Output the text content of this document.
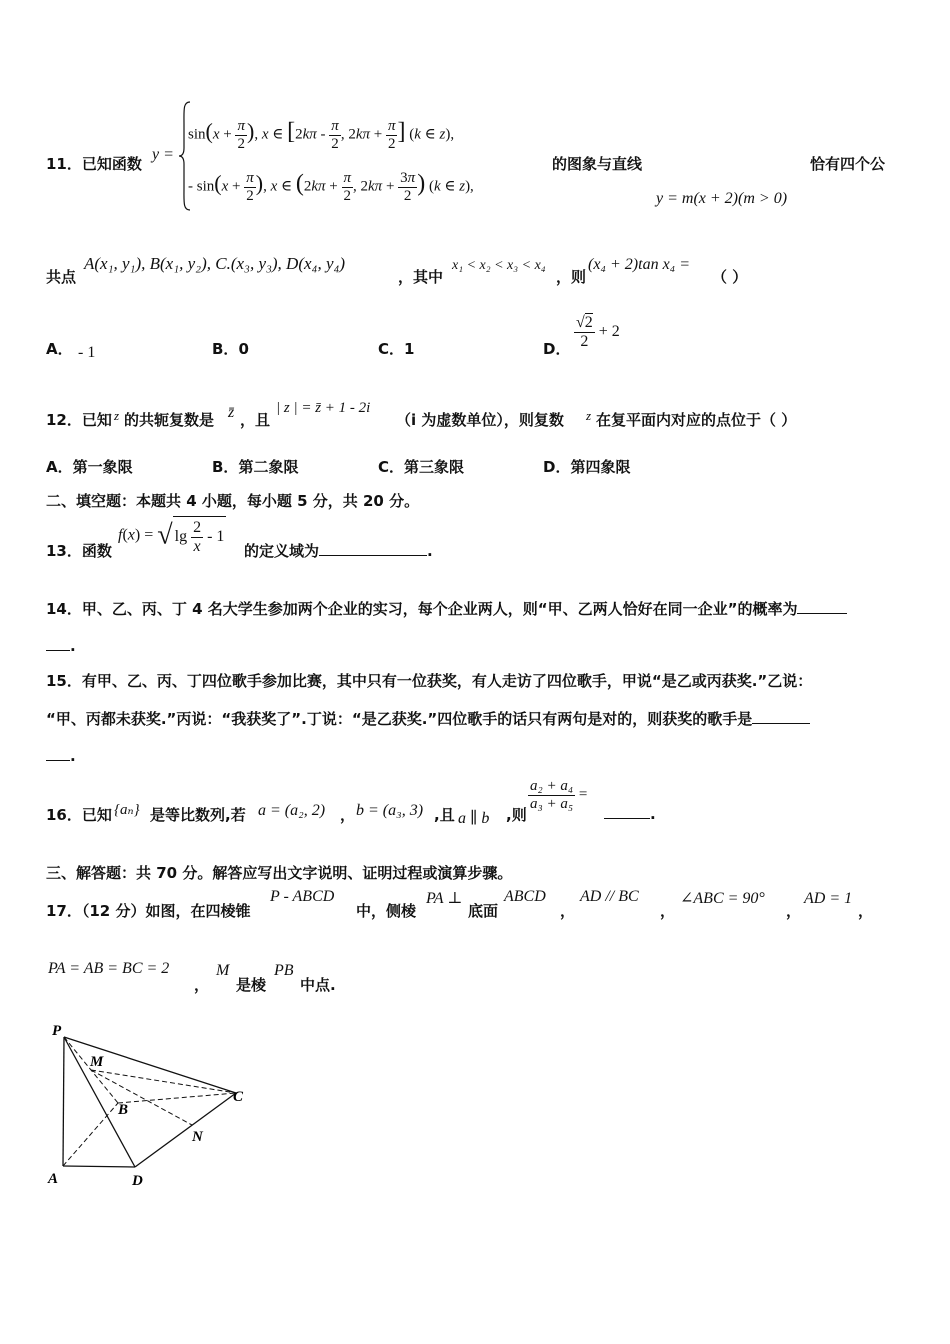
11．已知函数
y =
$\sin(x + \frac{\pi}{2}$ ), x ∈ [$2k\pi - \frac{\pi}{2}$ , $2k\pi + \frac{\pi}{2}$ ] (k ∈ z),
- $\sin(x + \frac{\pi}{2}$ ), x ∈ ($2k\pi + \frac{\pi}{2}$ , $2k\pi + \frac{3\pi}{2}$ ) (k ∈ z),
的图象与直线	恰有四个公
y = m(x + 2)(m > 0)
共点
A(x₁, y₁), B(x₁, y₂), C.(x₃, y₃), D(x₄, y₄)
，其中
x₁ < x₂ < x₃ < x₄
，则
(x₄ + 2)tan x₄ =
（ ）
A． - 1	B．0	C．1	D． $\frac{√2}{2} + 2$
12．已知 z 的共轭复数是 z̄ ，且
| z | = z̄ + 1 - 2i
（i 为虚数单位），则复数 z 在复平面内对应的点位于（ ）
A．第一象限	B．第二象限	C．第三象限	D．第四象限
二、填空题：本题共 4 小题，每小题 5 分，共 20 分。
13．函数
f(x) = √ $\lg \frac{2}{x} - 1$
的定义域为	.
14．甲、乙、丙、丁 4 名大学生参加两个企业的实习，每个企业两人，则“甲、乙两人恰好在同一企业”的概率为
.
15．有甲、乙、丙、丁四位歌手参加比赛，其中只有一位获奖，有人走访了四位歌手，甲说“是乙或丙获奖.”乙说：
“甲、丙都未获奖.”丙说：“我获奖了”.丁说：“是乙获奖.”四位歌手的话只有两句是对的，则获奖的歌手是
.
16．已知 {aₙ} 是等比数列,若 a = (a₂, 2) ， b = (a₃, 3) ,且 a ∥ b ,则
$\frac{\text{a₂ + a₄}}{\text{a₃ + a₅}}$ =
.
三、解答题：共 70 分。解答应写出文字说明、证明过程或演算步骤。
17．（12 分）如图，在四棱锥
P - ABCD
中，侧棱
PA ⊥
底面
ABCD
，
AD // BC
，
∠ABC = 90°
，
AD = 1
，
PA = AB = BC = 2
，
M
是棱
PB
中点.
P
M
B
C
N
A	D
